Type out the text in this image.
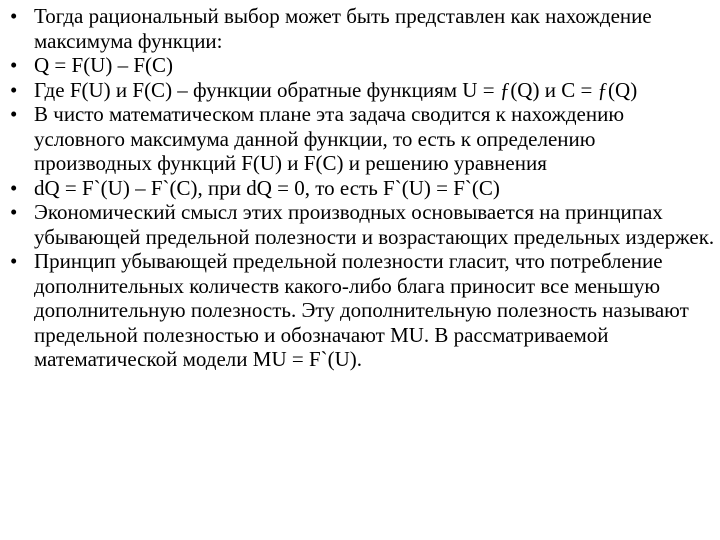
• Тогда рациональный выбор может быть представлен как нахождение максимума функции:
• Q = F(U) – F(C)
• Где F(U) и F(C) – функции обратные функциям U = ƒ(Q) и C = ƒ(Q)
• В чисто математическом плане эта задача сводится к нахождению условного максимума данной функции, то есть к определению производных функций F(U) и F(C) и решению уравнения
• dQ = F`(U) – F`(C), при dQ = 0, то есть F`(U) = F`(C)
• Экономический смысл этих производных основывается на принципах убывающей предельной полезности и возрастающих предельных издержек.
• Принцип убывающей предельной полезности гласит, что потребление дополнительных количеств какого-либо блага приносит все меньшую дополнительную полезность. Эту дополнительную полезность называют предельной полезностью и обозначают MU. В рассматриваемой математической модели MU = F`(U).
